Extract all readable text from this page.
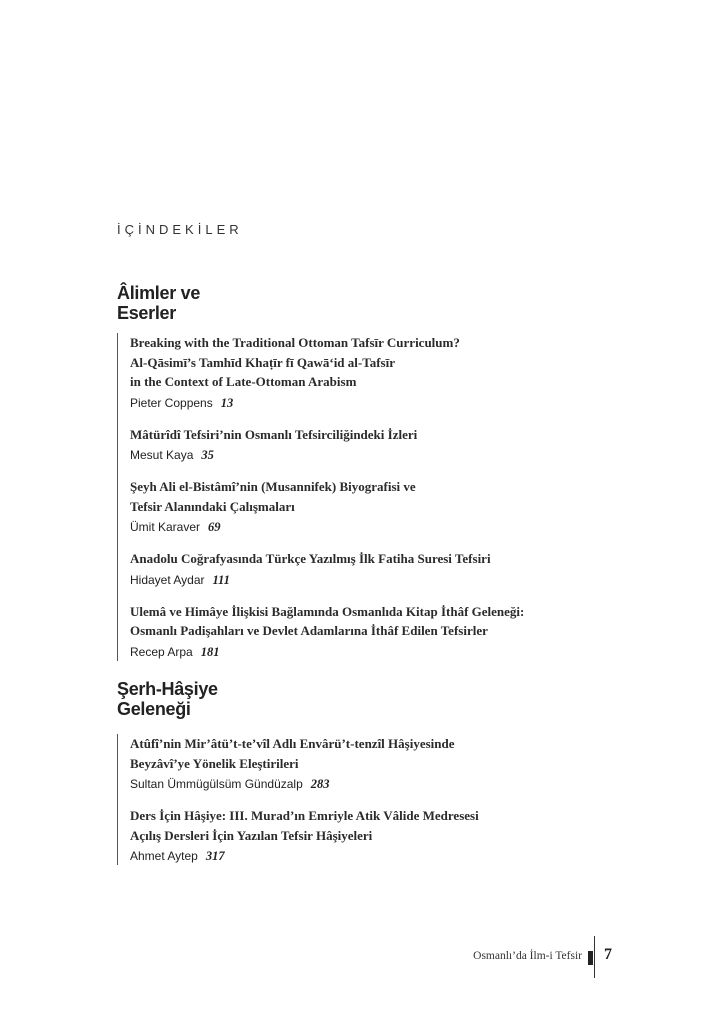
İÇİNDEKİLER
Âlimler ve
Eserler
Breaking with the Traditional Ottoman Tafsīr Curriculum?
Al-Qāsimī’s Tamhīd Khaṭīr fī Qawā‘id al-Tafsīr
in the Context of Late-Ottoman Arabism
Pieter Coppens 13
Mâtürîdî Tefsiri’nin Osmanlı Tefsirciliğindeki İzleri
Mesut Kaya 35
Şeyh Ali el-Bistâmî’nin (Musannifek) Biyografisi ve
Tefsir Alanındaki Çalışmaları
Ümit Karaver 69
Anadolu Coğrafyasında Türkçe Yazılmış İlk Fatiha Suresi Tefsiri
Hidayet Aydar 111
Ulemâ ve Himâye İlişkisi Bağlamında Osmanlıda Kitap İthâf Geleneği:
Osmanlı Padişahları ve Devlet Adamlarına İthâf Edilen Tefsirler
Recep Arpa 181
Şerh-Hâşiye
Geleneği
Atûfî’nin Mir’âtü’t-te’vîl Adlı Envârü’t-tenzîl Hâşiyesinde
Beyzâvî’ye Yönelik Eleştirileri
Sultan Ümmügülsüm Gündüzalp 283
Ders İçin Hâşiye: III. Murad’ın Emriyle Atik Vâlide Medresesi
Açılış Dersleri İçin Yazılan Tefsir Hâşiyeleri
Ahmet Aytep 317
Osmanlı’da İlm-i Tefsir 7
